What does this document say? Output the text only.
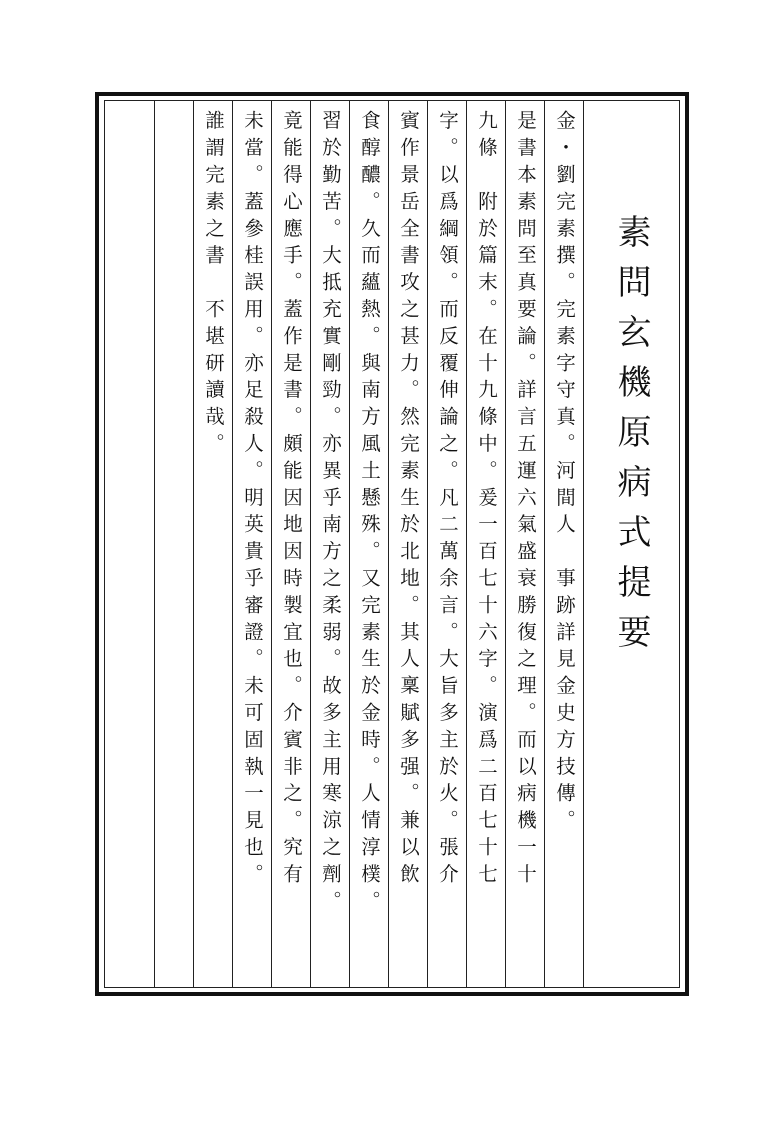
素問玄機原病式提要
金・劉完素撰。完素字守真。河間人　事跡詳見金史方技傳。
是書本素問至真要論。詳言五運六氣盛衰勝復之理。而以病機一十
九條　附於篇末。在十九條中。爰一百七十六字。演爲二百七十七
字。以爲綱領。而反覆伸論之。凡二萬余言。大旨多主於火。張介
賓作景岳全書攻之甚力。然完素生於北地。其人稟賦多强。兼以飲
食醇醲。久而蘊熱。與南方風土懸殊。又完素生於金時。人情淳樸。
習於勤苦。大抵充實剛勁。亦異乎南方之柔弱。故多主用寒涼之劑。
竟能得心應手。蓋作是書。頗能因地因時製宜也。介賓非之。究有
未當。蓋參桂誤用。亦足殺人。明英貴乎審證。未可固執一見也。
誰謂完素之書　不堪研讀哉。
